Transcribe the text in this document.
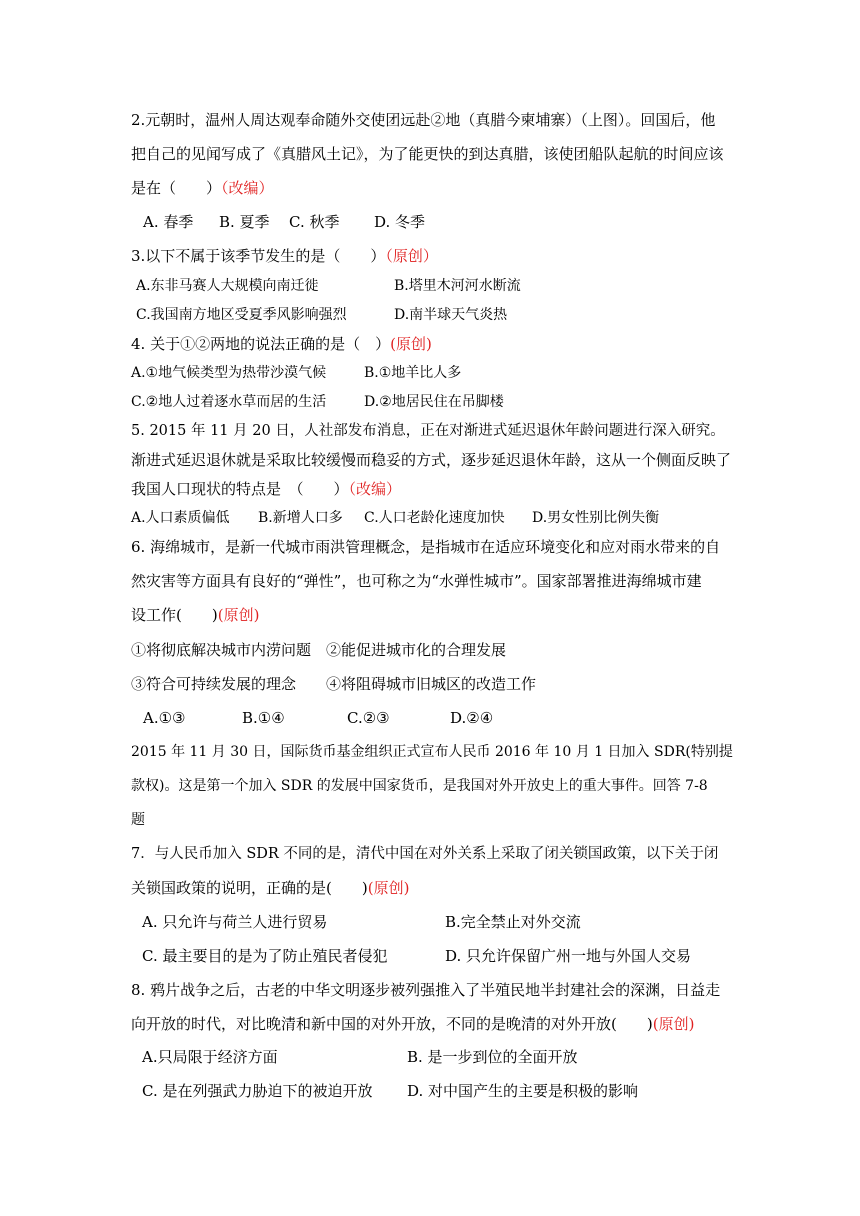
2.元朝时，温州人周达观奉命随外交使团远赴②地（真腊今柬埔寨）（上图）。回国后，他
把自己的见闻写成了《真腊风土记》，为了能更快的到达真腊，该使团船队起航的时间应该
是在（　　）（改编）
A. 春季 B. 夏季 C. 秋季 D. 冬季
3.以下不属于该季节发生的是（　　）（原创）
A.东非马赛人大规模向南迁徙	B.塔里木河河水断流
C.我国南方地区受夏季风影响强烈	D.南半球天气炎热
4. 关于①②两地的说法正确的是（　）(原创)
A.①地气候类型为热带沙漠气候	B.①地羊比人多
C.②地人过着逐水草而居的生活	D.②地居民住在吊脚楼
5. 2015 年 11 月 20 日，人社部发布消息，正在对渐进式延迟退休年龄问题进行深入研究。
渐进式延迟退休就是采取比较缓慢而稳妥的方式，逐步延迟退休年龄，这从一个侧面反映了
我国人口现状的特点是　（　　）（改编）
A.人口素质偏低 B.新增人口多 C.人口老龄化速度加快 D.男女性别比例失衡
6. 海绵城市，是新一代城市雨洪管理概念，是指城市在适应环境变化和应对雨水带来的自
然灾害等方面具有良好的“弹性”，也可称之为“水弹性城市”。国家部署推进海绵城市建
设工作(　　)(原创)
①将彻底解决城市内涝问题　②能促进城市化的合理发展
③符合可持续发展的理念　　④将阻碍城市旧城区的改造工作
A.①③	B.①④	C.②③	D.②④
2015 年 11 月 30 日，国际货币基金组织正式宣布人民币 2016 年 10 月 1 日加入 SDR(特别提
款权)。这是第一个加入 SDR 的发展中国家货币，是我国对外开放史上的重大事件。回答 7-8
题
7．与人民币加入 SDR 不同的是，清代中国在对外关系上采取了闭关锁国政策，以下关于闭
关锁国政策的说明，正确的是(　　)(原创)
A. 只允许与荷兰人进行贸易	B.完全禁止对外交流
C. 最主要目的是为了防止殖民者侵犯	D. 只允许保留广州一地与外国人交易
8. 鸦片战争之后，古老的中华文明逐步被列强推入了半殖民地半封建社会的深渊，日益走
向开放的时代，对比晚清和新中国的对外开放，不同的是晚清的对外开放(　　)(原创)
A.只局限于经济方面	B. 是一步到位的全面开放
C. 是在列强武力胁迫下的被迫开放 D. 对中国产生的主要是积极的影响
